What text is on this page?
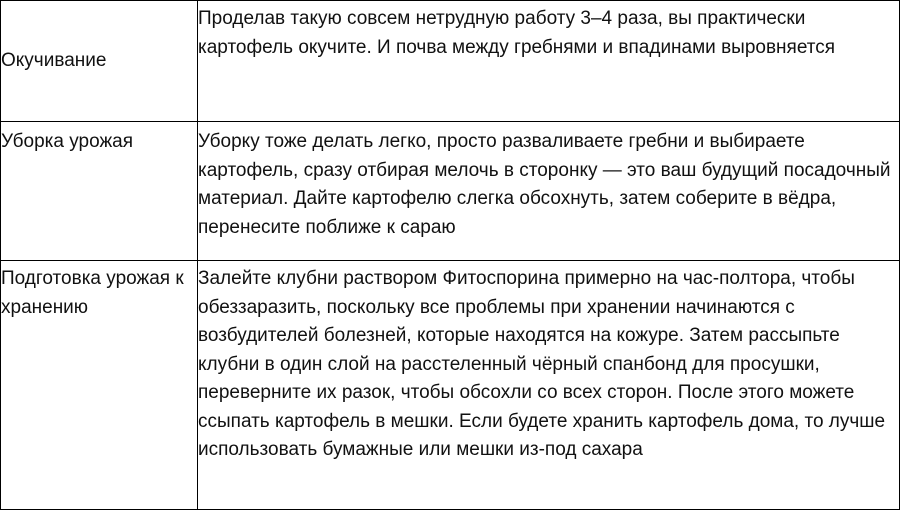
Окучивание	Проделав такую совсем нетрудную работу 3–4 раза, вы практически картофель окучите. И почва между гребнями и впадинами выровняется
Уборка урожая	Уборку тоже делать легко, просто разваливаете гребни и выбираете картофель, сразу отбирая мелочь в сторонку — это ваш будущий посадочный материал. Дайте картофелю слегка обсохнуть, затем соберите в вёдра, перенесите поближе к сараю
Подготовка урожая к хранению	Залейте клубни раствором Фитоспорина примерно на час-полтора, чтобы обеззаразить, поскольку все проблемы при хранении начинаются с возбудителей болезней, которые находятся на кожуре. Затем рассыпьте клубни в один слой на расстеленный чёрный спанбонд для просушки, переверните их разок, чтобы обсохли со всех сторон. После этого можете ссыпать картофель в мешки. Если будете хранить картофель дома, то лучше использовать бумажные или мешки из-под сахара
